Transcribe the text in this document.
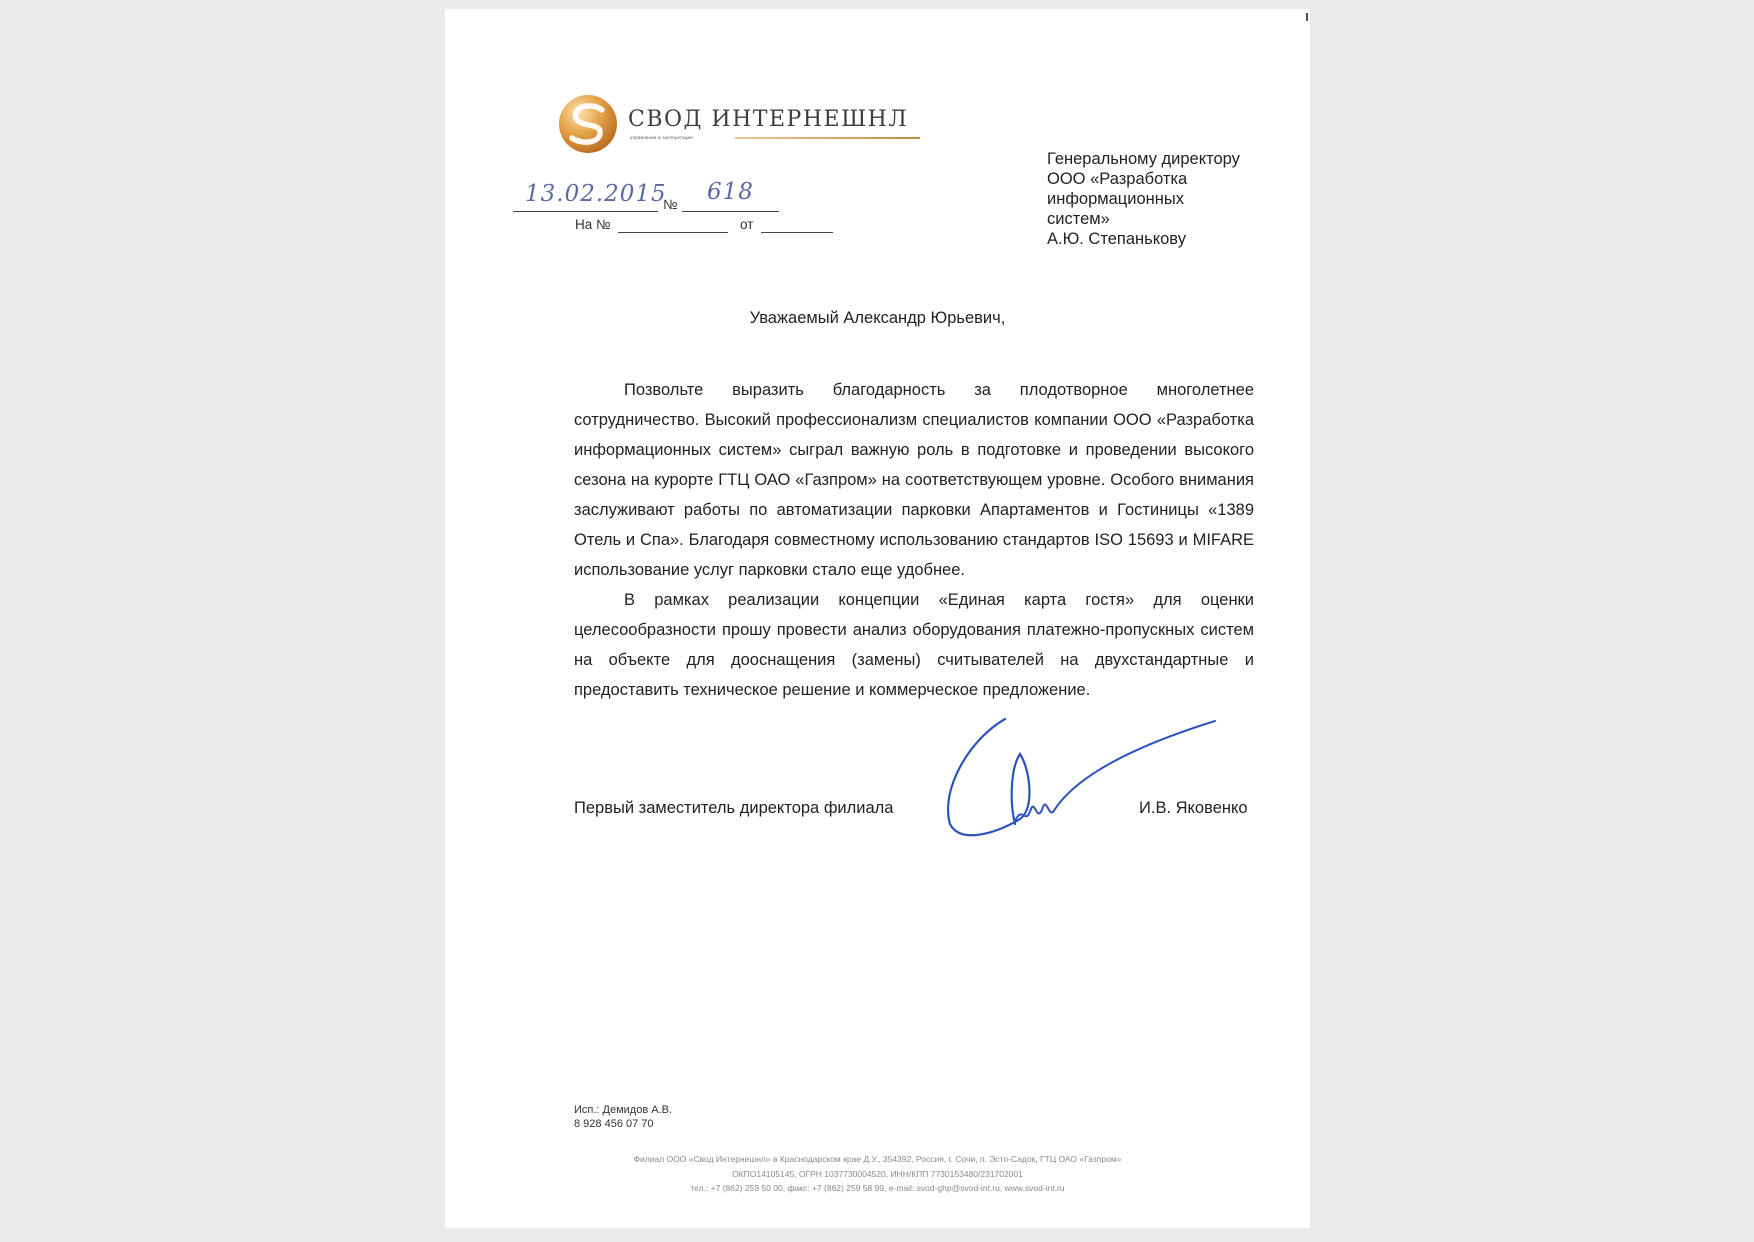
СВОД ИНТЕРНЕШНЛ
управление и эксплуатация
13.02.2015
№ 618
На №	от
Генеральному директору
ООО «Разработка
информационных
систем»
А.Ю. Степанькову
Уважаемый Александр Юрьевич,

Позвольте выразить благодарность за плодотворное многолетнее сотрудничество. Высокий профессионализм специалистов компании ООО «Разработка информационных систем» сыграл важную роль в подготовке и проведении высокого сезона на курорте ГТЦ ОАО «Газпром» на соответствующем уровне. Особого внимания заслуживают работы по автоматизации парковки Апартаментов и Гостиницы «1389 Отель и Спа». Благодаря совместному использованию стандартов ISO 15693 и MIFARE использование услуг парковки стало еще удобнее.

В рамках реализации концепции «Единая карта гостя» для оценки целесообразности прошу провести анализ оборудования платежно-пропускных систем на объекте для дооснащения (замены) считывателей на двухстандартные и предоставить техническое решение и коммерческое предложение.

Первый заместитель директора филиала	И.В. Яковенко
Исп.: Демидов А.В.
8 928 456 07 70
Филиал ООО «Свод Интернешнл» в Краснодарском крае Д.У., 354392, Россия, г. Сочи, п. Эсто-Садок, ГТЦ ОАО «Газпром»
ОКПО14105145, ОГРН 1037730004520, ИНН/КПП 7730153480/231702001
тел.: +7 (862) 259 50 00, факс: +7 (862) 259 58 99, e-mail: svod-ghp@svod-int.ru, www.svod-int.ru
